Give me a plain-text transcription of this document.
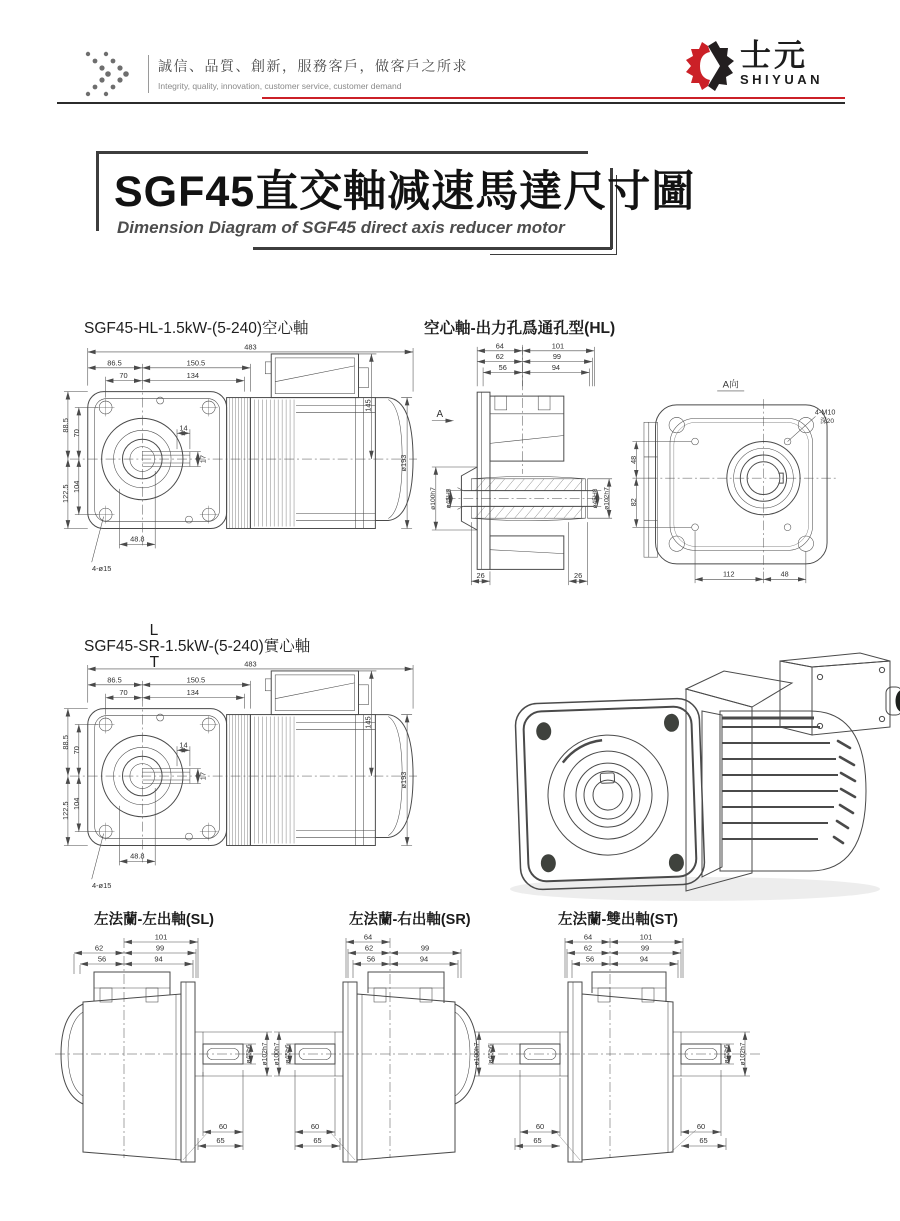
誠信、品質、創新，服務客戶，做客戶之所求
Integrity, quality, innovation, customer service, customer demand
士元
SHIYUAN
SGF45直交軸减速馬達尺寸圖
Dimension Diagram of SGF45 direct axis reducer motor
SGF45-HL-1.5kW-(5-240)空心軸	空心軸-出力孔爲通孔型(HL)
483
86.5	150.5
70	134
88.5
122.5
70
104
14
17
48.8
4-ø15
145
ø193
64	101
62	99
56	94
A
ø100h7 ø45H8	ø45H8 ø102h7
26	26
A向
48
82
112	48
4-M10
深20
SGF45-S
L
R
T
-1.5kW-(5-240)實心軸
483
86.5	150.5
70	134
88.5
122.5
70
104
14
17
48.8
4-ø15
145
ø193
左法蘭-左出軸(SL)	左法蘭-右出軸(SR)	左法蘭-雙出軸(ST)
101
62	99
56	94
ø45h6 ø102h7
60
65
64
62	99
56	94
ø100h7 ø45h6
60
65
64	101
62	99
56	94
ø100h7 ø45h6	ø45h6 ø102h7
60
65
60
65
